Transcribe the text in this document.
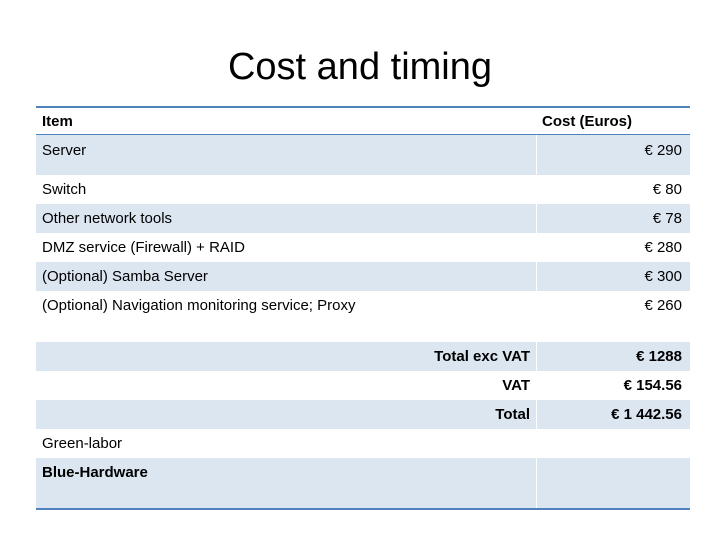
Cost and timing
Item	Cost (Euros)
Server	€ 290
Switch	€ 80
Other network tools	€ 78
DMZ service (Firewall) + RAID	€ 280
(Optional) Samba Server	€ 300
(Optional) Navigation monitoring service; Proxy	€ 260
Total exc VAT	€ 1288
VAT	€ 154.56
Total	€ 1 442.56
Green-labor
Blue-Hardware
